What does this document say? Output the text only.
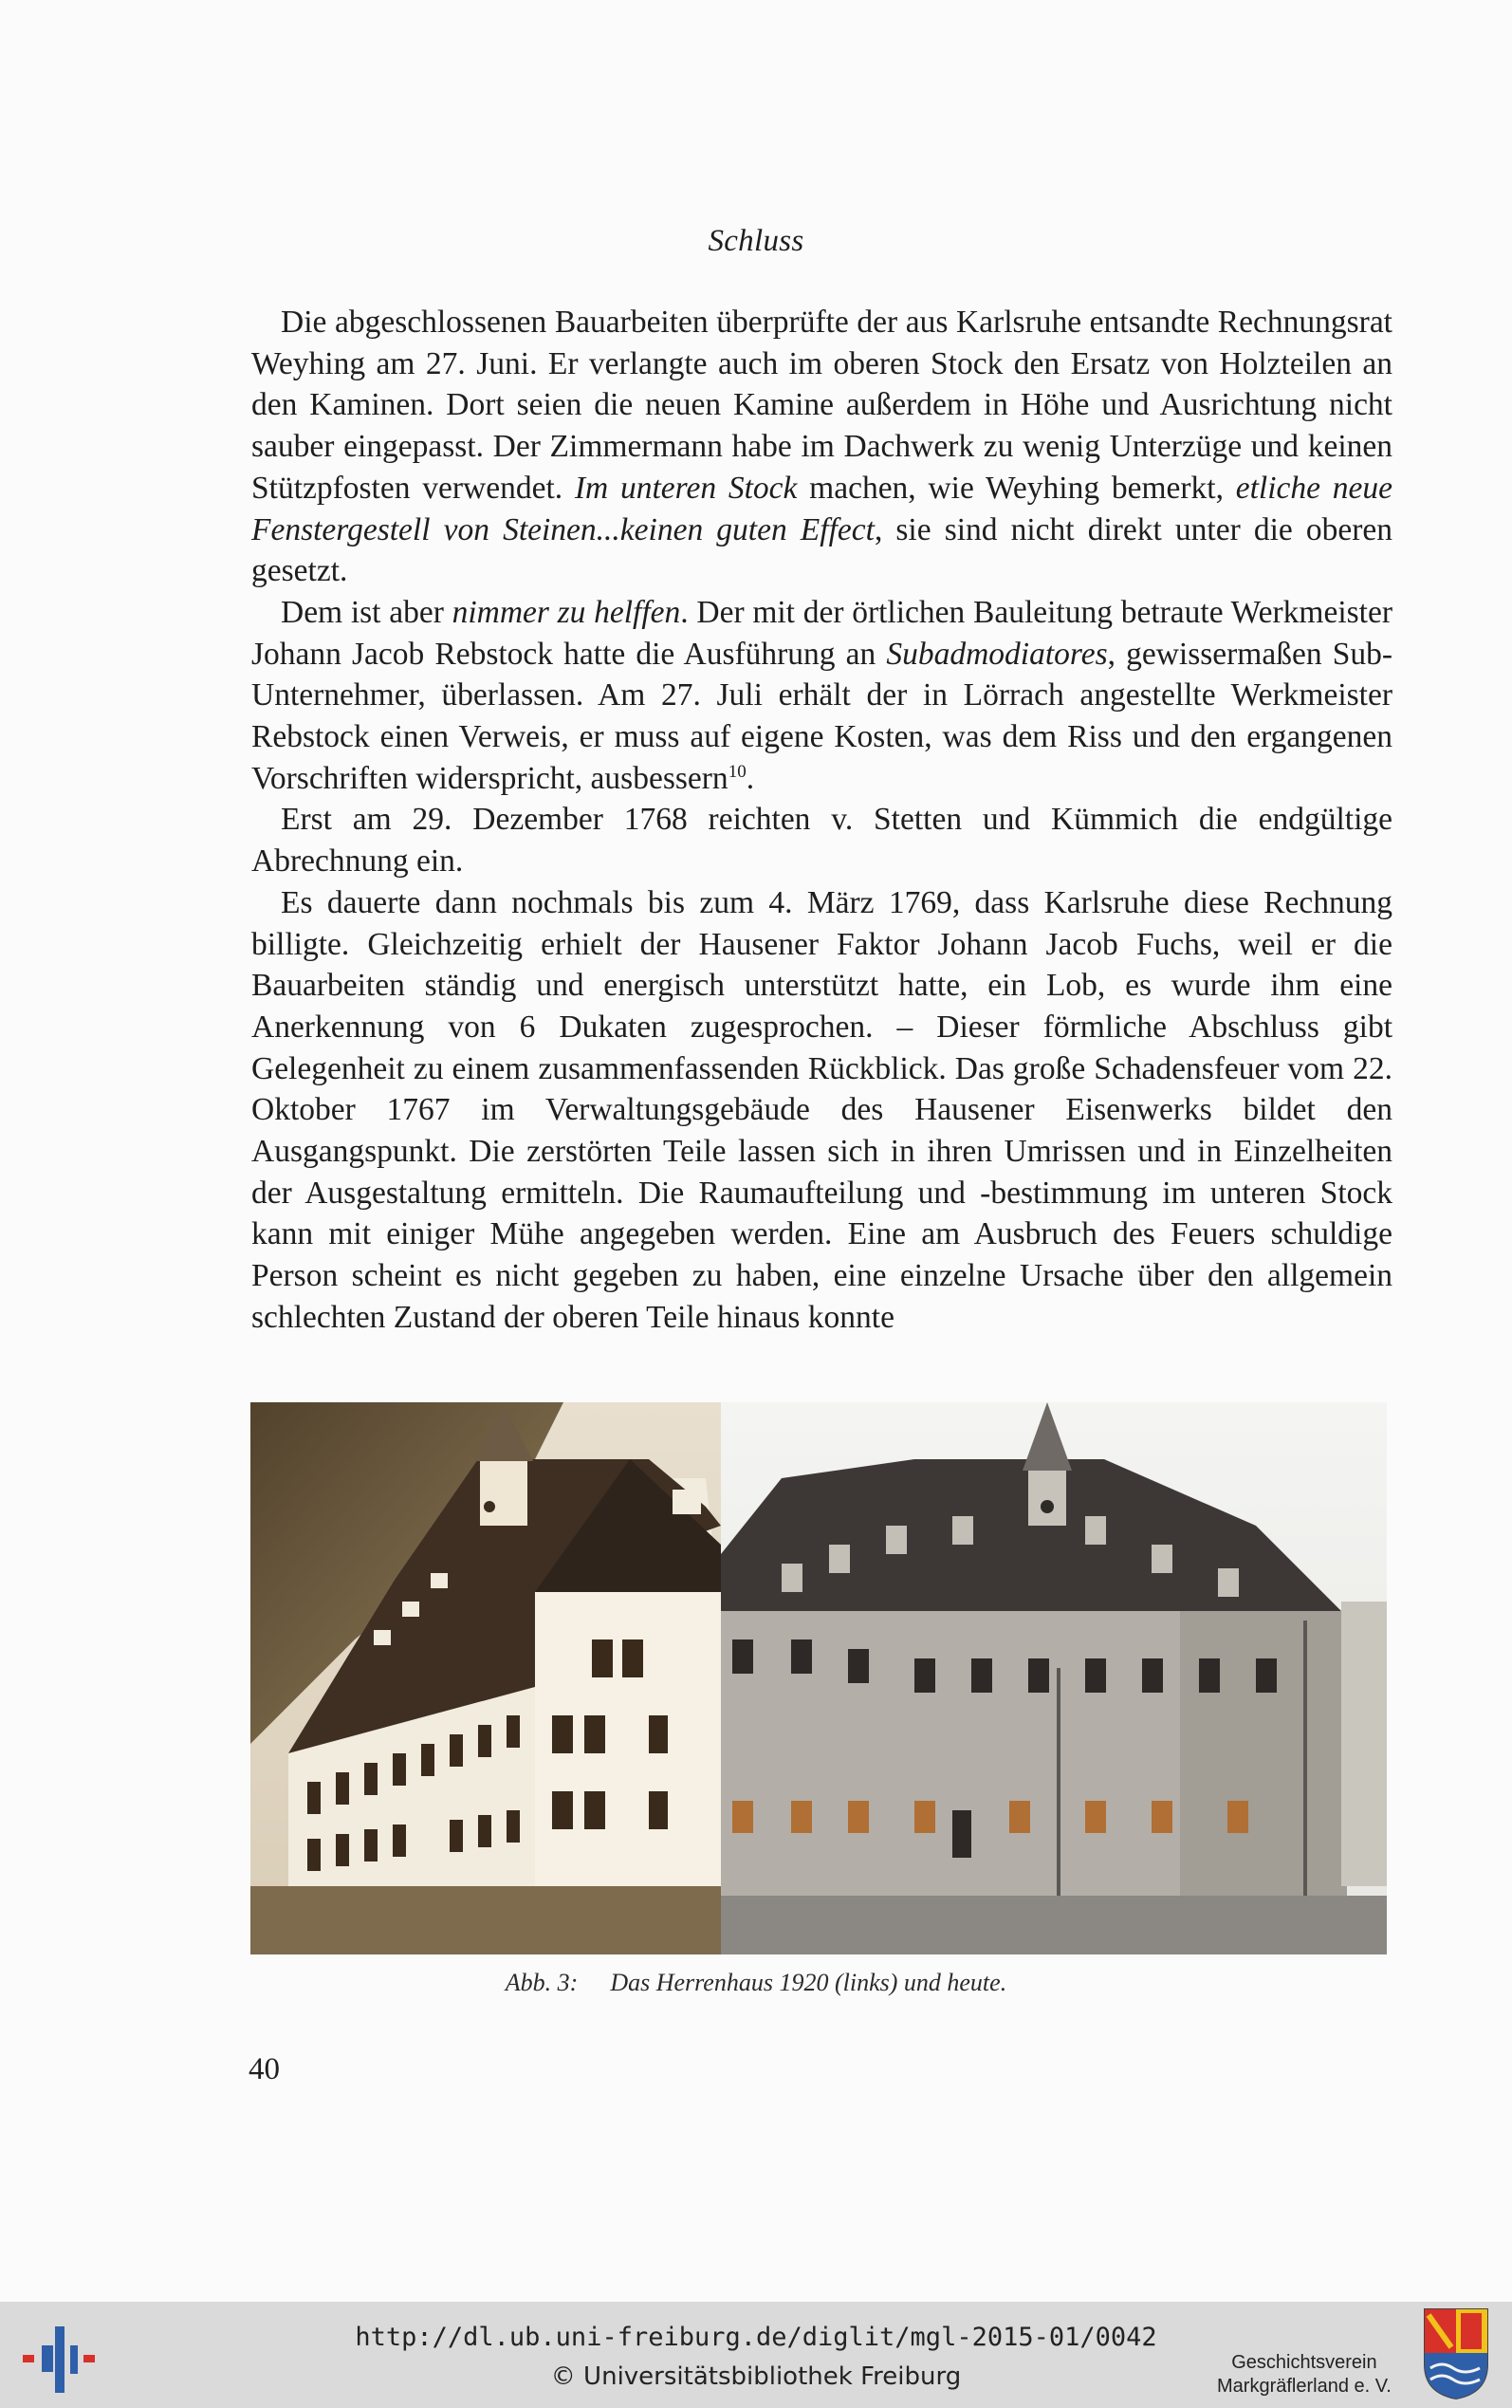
Schluss

Die abgeschlossenen Bauarbeiten überprüfte der aus Karlsruhe entsandte Rechnungsrat Weyhing am 27. Juni. Er verlangte auch im oberen Stock den Ersatz von Holzteilen an den Kaminen. Dort seien die neuen Kamine außerdem in Höhe und Ausrichtung nicht sauber eingepasst. Der Zimmermann habe im Dachwerk zu wenig Unterzüge und keinen Stützpfosten verwendet. Im unteren Stock machen, wie Weyhing bemerkt, etliche neue Fenstergestell von Steinen...keinen guten Effect, sie sind nicht direkt unter die oberen gesetzt.

Dem ist aber nimmer zu helffen. Der mit der örtlichen Bauleitung betraute Werkmeister Johann Jacob Rebstock hatte die Ausführung an Subadmodiatores, gewissermaßen Sub-Unternehmer, überlassen. Am 27. Juli erhält der in Lörrach angestellte Werkmeister Rebstock einen Verweis, er muss auf eigene Kosten, was dem Riss und den ergangenen Vorschriften widerspricht, ausbessern$^{10}$.

Erst am 29. Dezember 1768 reichten v. Stetten und Kümmich die endgültige Abrechnung ein.

Es dauerte dann nochmals bis zum 4. März 1769, dass Karlsruhe diese Rechnung billigte. Gleichzeitig erhielt der Hausener Faktor Johann Jacob Fuchs, weil er die Bauarbeiten ständig und energisch unterstützt hatte, ein Lob, es wurde ihm eine Anerkennung von 6 Dukaten zugesprochen. – Dieser förmliche Abschluss gibt Gelegenheit zu einem zusammenfassenden Rückblick. Das große Schadensfeuer vom 22. Oktober 1767 im Verwaltungsgebäude des Hausener Eisenwerks bildet den Ausgangspunkt. Die zerstörten Teile lassen sich in ihren Umrissen und in Einzelheiten der Ausgestaltung ermitteln. Die Raumaufteilung und -bestimmung im unteren Stock kann mit einiger Mühe angegeben werden. Eine am Ausbruch des Feuers schuldige Person scheint es nicht gegeben zu haben, eine einzelne Ursache über den allgemein schlechten Zustand der oberen Teile hinaus konnte

Abb. 3: Das Herrenhaus 1920 (links) und heute.
40
http://dl.ub.uni-freiburg.de/diglit/mgl-2015-01/0042
© Universitätsbibliothek Freiburg	Geschichtsverein
Markgräflerland e. V.
